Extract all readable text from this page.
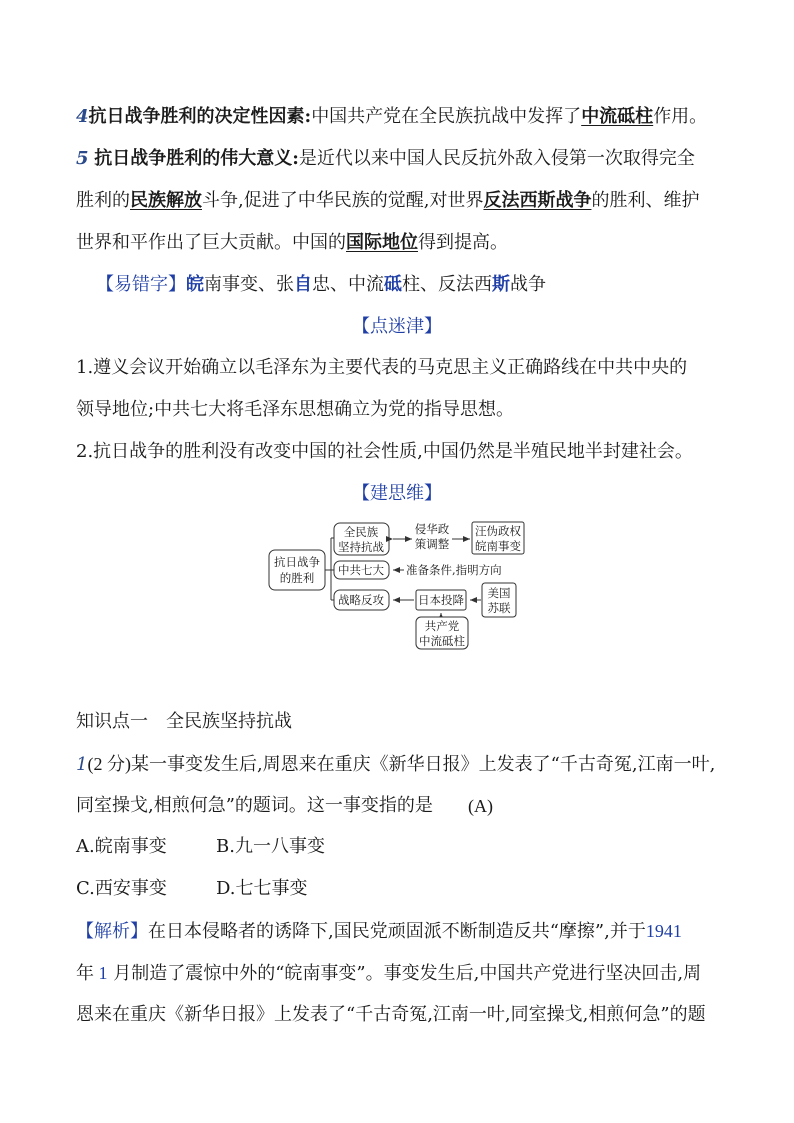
4抗日战争胜利的决定性因素:中国共产党在全民族抗战中发挥了中流砥柱作用。
5 抗日战争胜利的伟大意义:是近代以来中国人民反抗外敌入侵第一次取得完全
胜利的民族解放斗争,促进了中华民族的觉醒,对世界反法西斯战争的胜利、维护
世界和平作出了巨大贡献。中国的国际地位得到提高。
【易错字】皖南事变、张自忠、中流砥柱、反法西斯战争
【点迷津】
1.遵义会议开始确立以毛泽东为主要代表的马克思主义正确路线在中共中央的
领导地位;中共七大将毛泽东思想确立为党的指导思想。
2.抗日战争的胜利没有改变中国的社会性质,中国仍然是半殖民地半封建社会。
【建思维】
抗日战争
的胜利
全民族
坚持抗战
侵华政
策调整
汪伪政权
皖南事变
中共七大 准备条件,指明方向
战略反攻	日本投降 美国
苏联
共产党
中流砥柱
知识点一　全民族坚持抗战
1(2 分)某一事变发生后,周恩来在重庆《新华日报》上发表了“千古奇冤,江南一叶,
同室操戈,相煎何急”的题词。这一事变指的是 (A)
A.皖南事变	B.九一八事变
C.西安事变	D.七七事变
【解析】在日本侵略者的诱降下,国民党顽固派不断制造反共“摩擦”,并于1941
年 1 月制造了震惊中外的“皖南事变”。事变发生后,中国共产党进行坚决回击,周
恩来在重庆《新华日报》上发表了“千古奇冤,江南一叶,同室操戈,相煎何急”的题
